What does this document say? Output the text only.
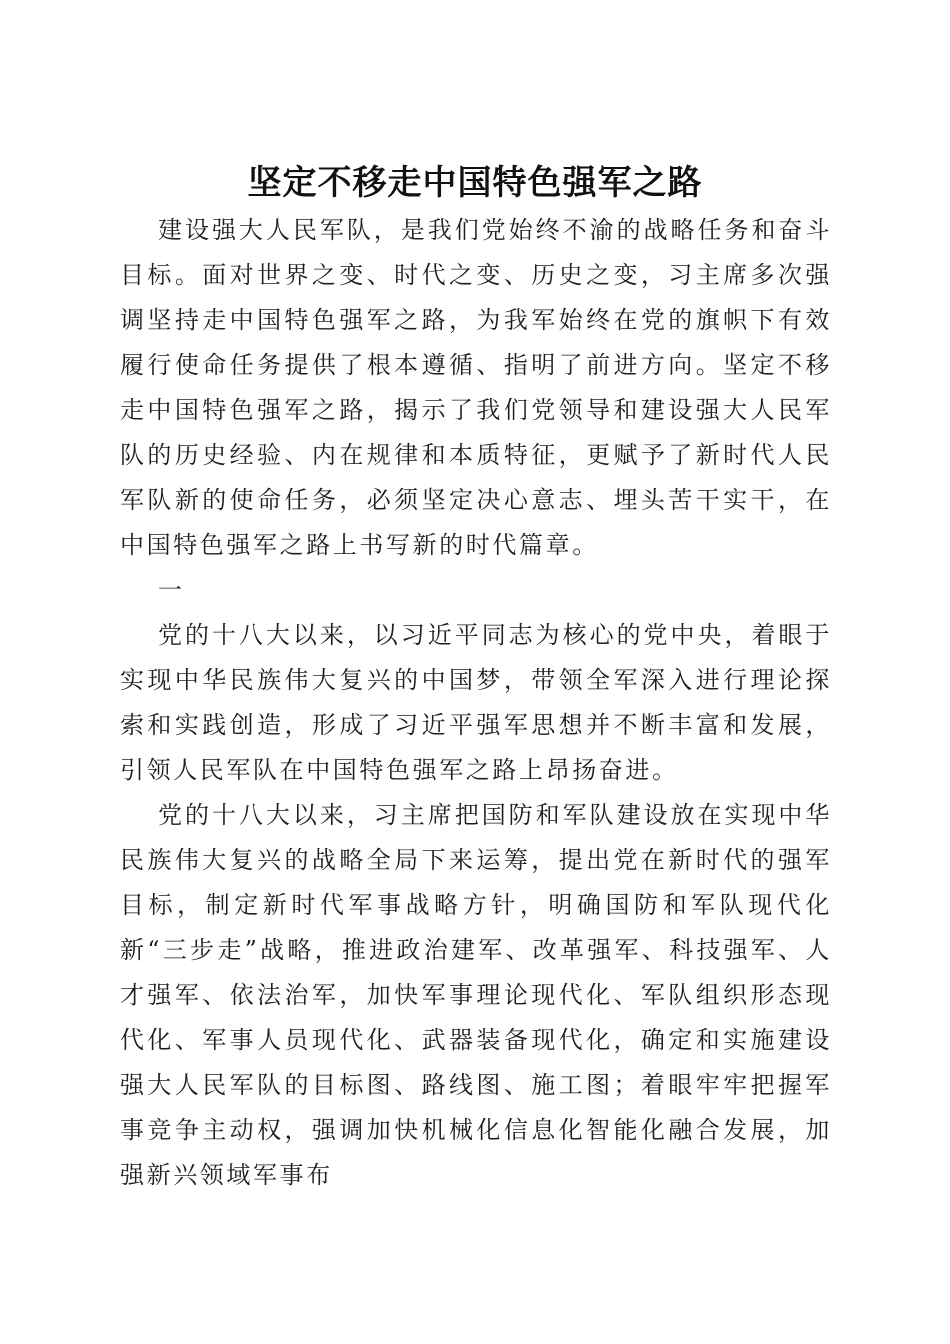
坚定不移走中国特色强军之路

建设强大人民军队，是我们党始终不渝的战略任务和奋斗目标。面对世界之变、时代之变、历史之变，习主席多次强调坚持走中国特色强军之路，为我军始终在党的旗帜下有效履行使命任务提供了根本遵循、指明了前进方向。坚定不移走中国特色强军之路，揭示了我们党领导和建设强大人民军队的历史经验、内在规律和本质特征，更赋予了新时代人民军队新的使命任务，必须坚定决心意志、埋头苦干实干，在中国特色强军之路上书写新的时代篇章。

一

党的十八大以来，以习近平同志为核心的党中央，着眼于实现中华民族伟大复兴的中国梦，带领全军深入进行理论探索和实践创造，形成了习近平强军思想并不断丰富和发展，引领人民军队在中国特色强军之路上昂扬奋进。

党的十八大以来，习主席把国防和军队建设放在实现中华民族伟大复兴的战略全局下来运筹，提出党在新时代的强军目标，制定新时代军事战略方针，明确国防和军队现代化新“三步走”战略，推进政治建军、改革强军、科技强军、人才强军、依法治军，加快军事理论现代化、军队组织形态现代化、军事人员现代化、武器装备现代化，确定和实施建设强大人民军队的目标图、路线图、施工图；着眼牢牢把握军事竞争主动权，强调加快机械化信息化智能化融合发展，加强新兴领域军事布
